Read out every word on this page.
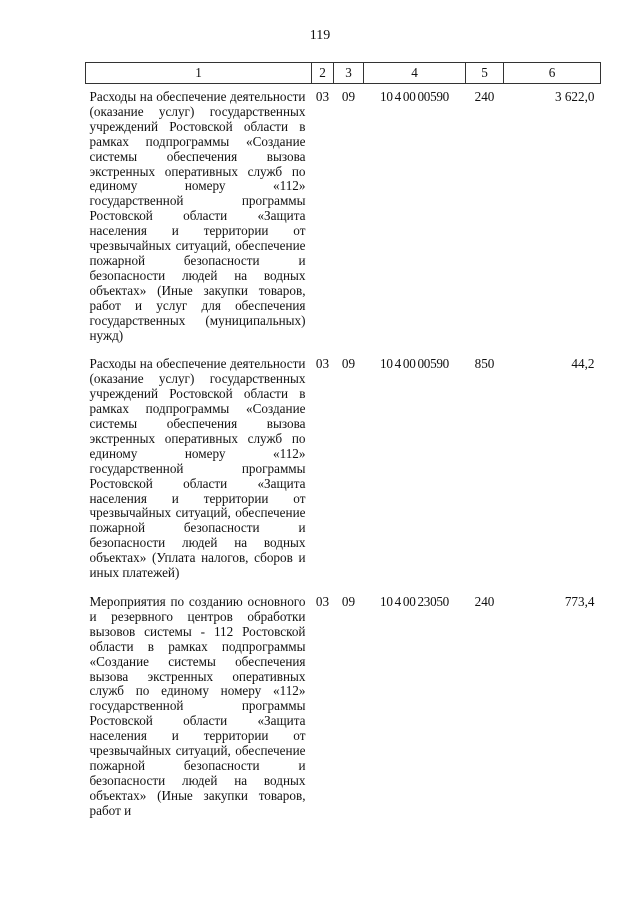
119
1	2	3	4	5	6
Расходы на обеспечение деятельности (оказание услуг) государственных учреждений Ростовской области в рамках подпрограммы «Создание системы обеспечения вызова экстренных оперативных служб по единому номеру «112» государственной программы Ростовской области «Защита населения и территории от чрезвычайных ситуаций, обеспечение пожарной безопасности и безопасности людей на водных объектах» (Иные закупки товаров, работ и услуг для обеспечения государственных (муниципальных) нужд)	03	09	10 4 00 00590	240	3 622,0
Расходы на обеспечение деятельности (оказание услуг) государственных учреждений Ростовской области в рамках подпрограммы «Создание системы обеспечения вызова экстренных оперативных служб по единому номеру «112» государственной программы Ростовской области «Защита населения и территории от чрезвычайных ситуаций, обеспечение пожарной безопасности и безопасности людей на водных объектах» (Уплата налогов, сборов и иных платежей)	03	09	10 4 00 00590	850	44,2
Мероприятия по созданию основного и резервного центров обработки вызовов системы - 112 Ростовской области в рамках подпрограммы «Создание системы обеспечения вызова экстренных оперативных служб по единому номеру «112» государственной программы Ростовской области «Защита населения и территории от чрезвычайных ситуаций, обеспечение пожарной безопасности и безопасности людей на водных объектах» (Иные закупки товаров, работ и	03	09	10 4 00 23050	240	773,4
